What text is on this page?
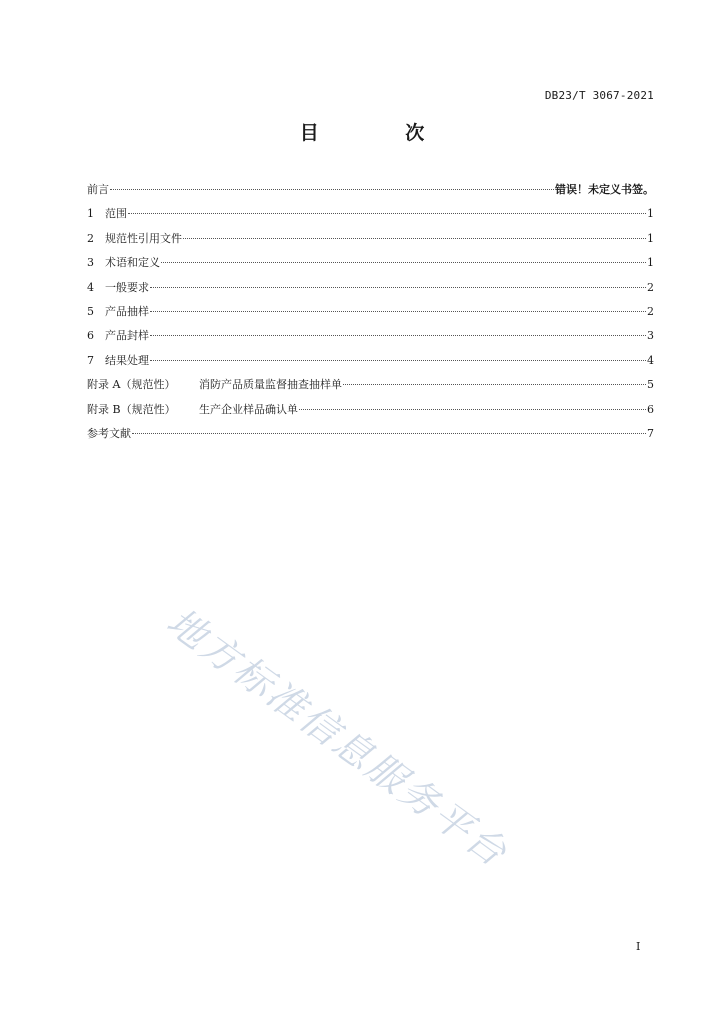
DB23/T 3067-2021
目 次
前言	错误！未定义书签。
1 范围	1
2 规范性引用文件	1
3 术语和定义	1
4 一般要求	2
5 产品抽样	2
6 产品封样	3
7 结果处理	4
附录 A（规范性） 消防产品质量监督抽查抽样单	5
附录 B（规范性） 生产企业样品确认单	6
参考文献	7
地方标准信息服务平台
I
